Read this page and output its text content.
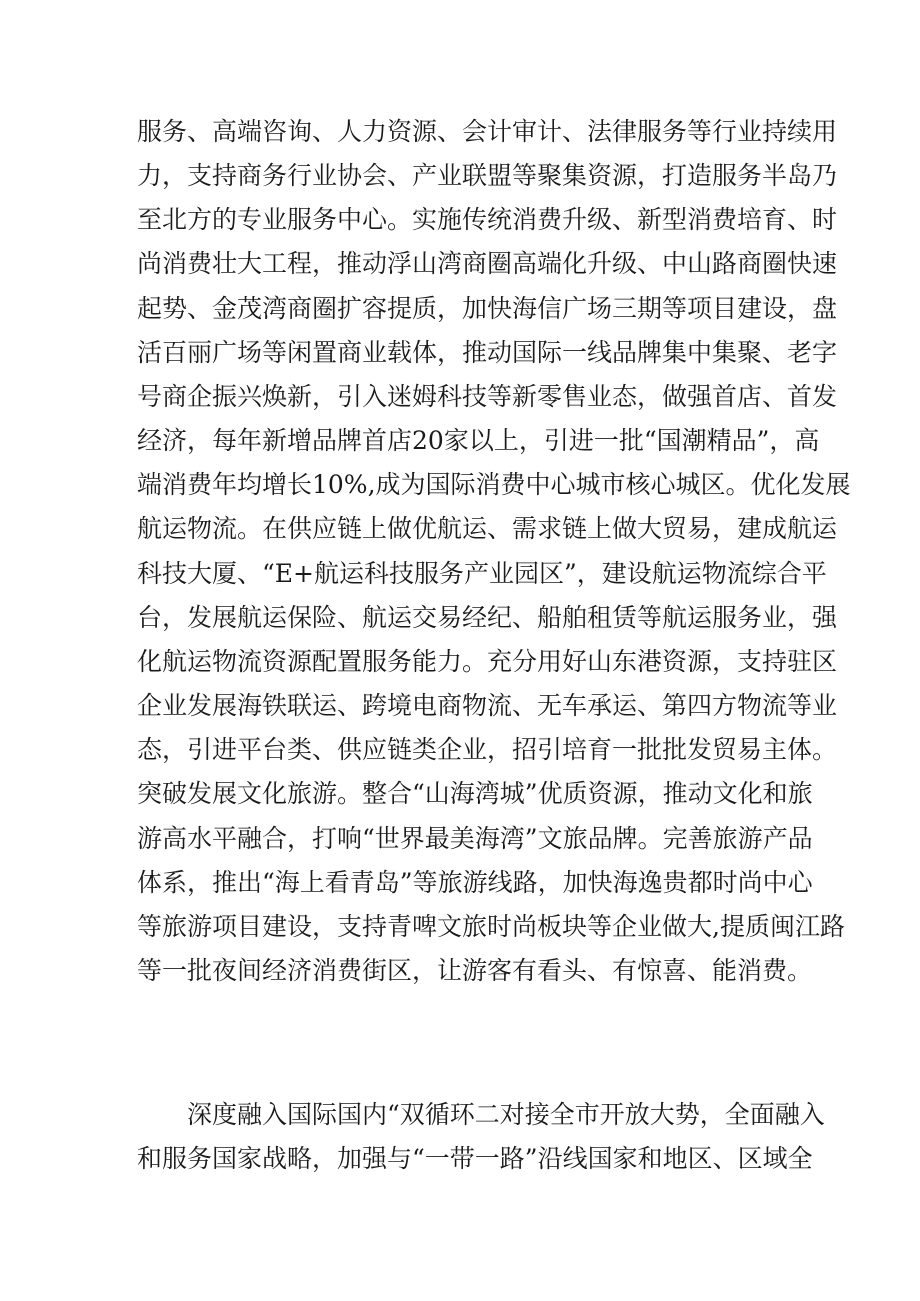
服务、高端咨询、人力资源、会计审计、法律服务等行业持续用
力，支持商务行业协会、产业联盟等聚集资源，打造服务半岛乃
至北方的专业服务中心。实施传统消费升级、新型消费培育、时
尚消费壮大工程，推动浮山湾商圈高端化升级、中山路商圈快速
起势、金茂湾商圈扩容提质，加快海信广场三期等项目建设，盘
活百丽广场等闲置商业载体，推动国际一线品牌集中集聚、老字
号商企振兴焕新，引入迷姆科技等新零售业态，做强首店、首发
经济，每年新增品牌首店20家以上，引进一批“国潮精品”，高
端消费年均增长10%,成为国际消费中心城市核心城区。优化发展
航运物流。在供应链上做优航运、需求链上做大贸易，建成航运
科技大厦、“E+航运科技服务产业园区”，建设航运物流综合平
台，发展航运保险、航运交易经纪、船舶租赁等航运服务业，强
化航运物流资源配置服务能力。充分用好山东港资源，支持驻区
企业发展海铁联运、跨境电商物流、无车承运、第四方物流等业
态，引进平台类、供应链类企业，招引培育一批批发贸易主体。
突破发展文化旅游。整合“山海湾城”优质资源，推动文化和旅
游高水平融合，打响“世界最美海湾”文旅品牌。完善旅游产品
体系，推出“海上看青岛”等旅游线路，加快海逸贵都时尚中心
等旅游项目建设，支持青啤文旅时尚板块等企业做大,提质闽江路
等一批夜间经济消费街区，让游客有看头、有惊喜、能消费。
深度融入国际国内“双循环二对接全市开放大势，全面融入
和服务国家战略，加强与“一带一路”沿线国家和地区、区域全
